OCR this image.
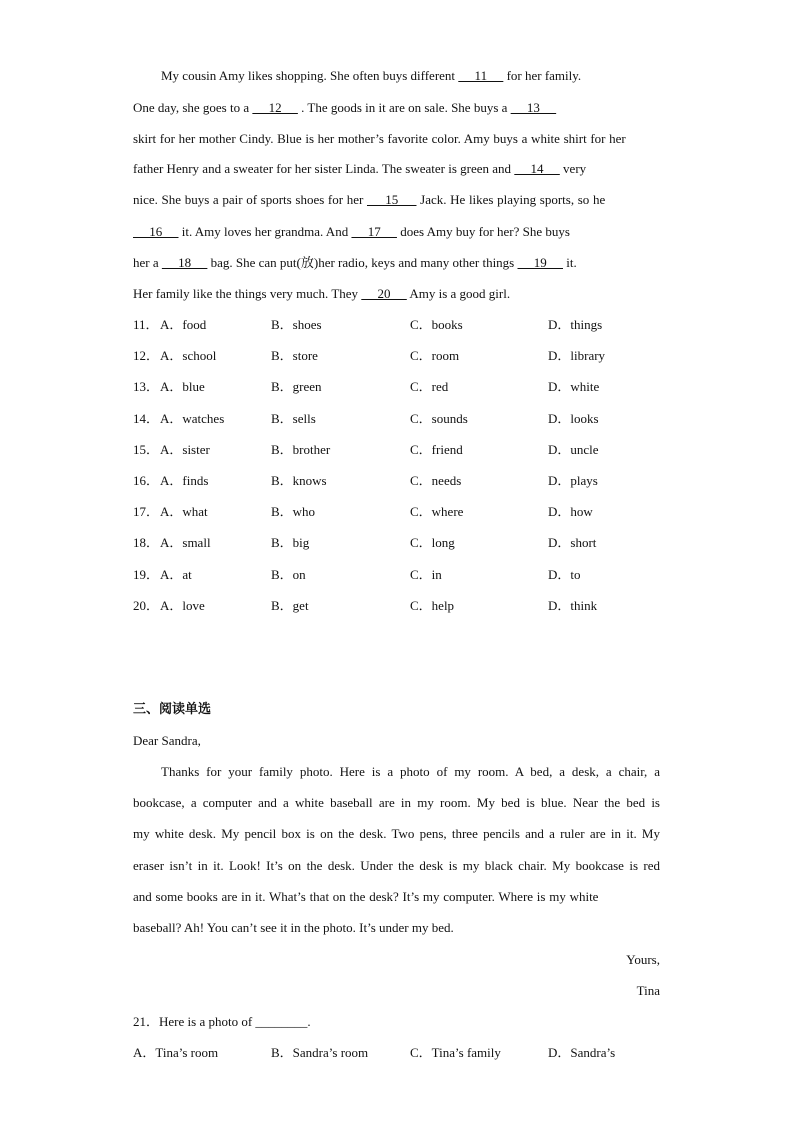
My cousin Amy likes shopping. She often buys different      11      for her family.
One day, she goes to a      12      . The goods in it are on sale. She buys a      13
skirt for her mother Cindy. Blue is her mother’s favorite color. Amy buys a white shirt for her
father Henry and a sweater for her sister Linda. The sweater is green and      14      very
nice. She buys a pair of sports shoes for her      15      Jack. He likes playing sports, so he
16      it. Amy loves her grandma. And      17      does Amy buy for her? She buys
her a      18      bag. She can put(放)her radio, keys and many other things      19      it.
Her family like the things very much. They      20      Amy is a good girl.
11． A．food	B．shoes	C．books	D．things
12． A．school	B．store	C．room	D．library
13． A．blue	B．green	C．red	D．white
14． A．watches	B．sells	C．sounds	D．looks
15． A．sister	B．brother	C．friend	D．uncle
16． A．finds	B．knows	C．needs	D．plays
17． A．what	B．who	C．where	D．how
18． A．small	B．big	C．long	D．short
19． A．at	B．on	C．in	D．to
20． A．love	B．get	C．help	D．think
三、阅读单选
Dear Sandra,
Thanks for your family photo. Here is a photo of my room. A bed, a desk, a chair, a
bookcase, a computer and a white baseball are in my room. My bed is blue. Near the bed is
my white desk. My pencil box is on the desk. Two pens, three pencils and a ruler are in it. My
eraser isn’t in it. Look! It’s on the desk. Under the desk is my black chair. My bookcase is red
and some books are in it. What’s that on the desk? It’s my computer. Where is my white
baseball? Ah! You can’t see it in the photo. It’s under my bed.
Yours,
Tina
21．Here is a photo of ________.
A．Tina’s room	B．Sandra’s room	C．Tina’s family	D．Sandra’s
